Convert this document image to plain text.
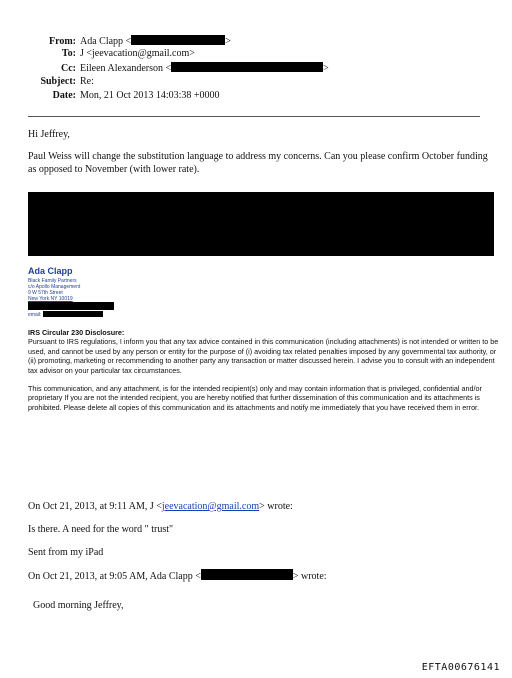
From: Ada Clapp <	>
To: J <jeevacation@gmail.com>
Cc: Eileen Alexanderson <	>
Subject: Re:
Date: Mon, 21 Oct 2013 14:03:38 +0000
Hi Jeffrey,
Paul Weiss will change the substitution language to address my concerns. Can you please confirm October funding as opposed to November (with lower rate).
Ada Clapp
Black Family Partners
c/o Apollo Management
9 W 57th Street
New York NY 10019
email:
IRS Circular 230 Disclosure:
Pursuant to IRS regulations, I inform you that any tax advice contained in this communication (including attachments) is not intended or written to be used, and cannot be used by any person or entity for the purpose of (i) avoiding tax related penalties imposed by any governmental tax authority, or (ii) promoting, marketing or recommending to another party any transaction or matter discussed herein. I advise you to consult with an independent tax advisor on your particular tax circumstances.
This communication, and any attachment, is for the intended recipient(s) only and may contain information that is privileged, confidential and/or proprietary If you are not the intended recipient, you are hereby notified that further dissemination of this communication and its attachments is prohibited. Please delete all copies of this communication and its attachments and notify me immediately that you have received them in error.
On Oct 21, 2013, at 9:11 AM, J <jeevacation@gmail.com> wrote:
Is there. A need for the word " trust"
Sent from my iPad
On Oct 21, 2013, at 9:05 AM, Ada Clapp <	> wrote:
Good morning Jeffrey,
EFTA00676141
